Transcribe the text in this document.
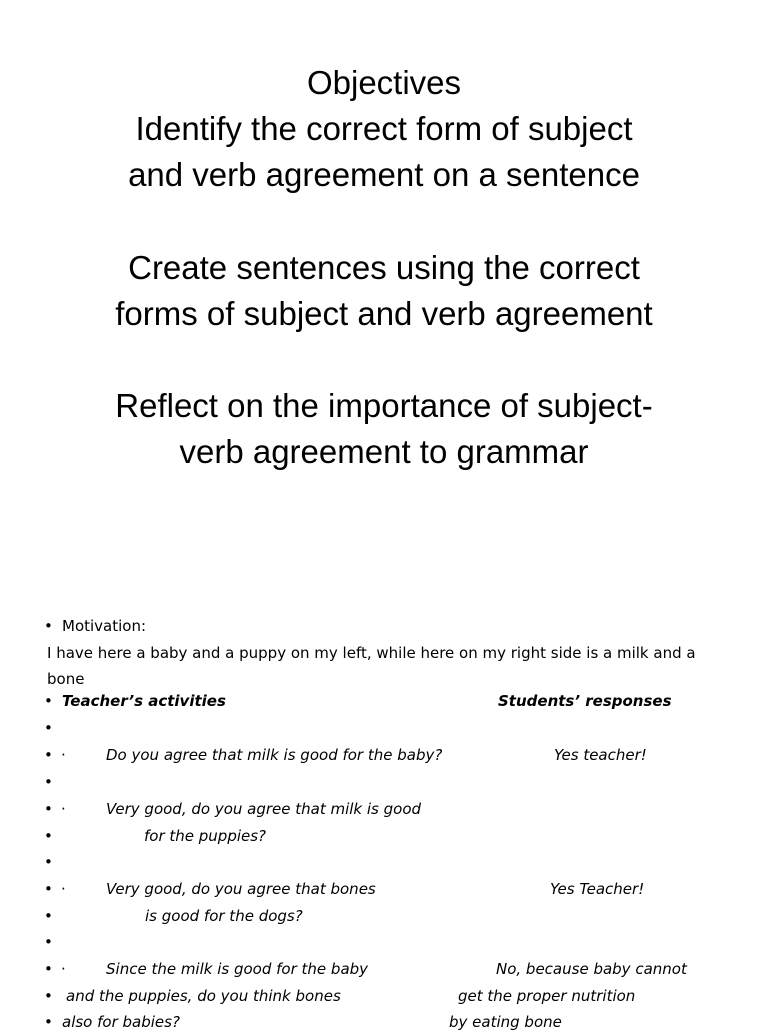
Objectives
Identify the correct form of subject
and verb agreement on a sentence
Create sentences using the correct
forms of subject and verb agreement
Reflect on the importance of subject-
verb agreement to grammar
• Motivation:
I have here a baby and a puppy on my left, while here on my right side is a milk and a bone
• Teacher’s activities	Students’ responses
•
• ·	Do you agree that milk is good for the baby?	Yes teacher!
•
• ·	Very good, do you agree that milk is good
•	for the puppies?
•
• ·	Very good, do you agree that bones	Yes Teacher!
•	is good for the dogs?
•
• ·	Since the milk is good for the baby	No, because baby cannot
• and the puppies, do you think bones	get the proper nutrition
• also for babies?	by eating bone
